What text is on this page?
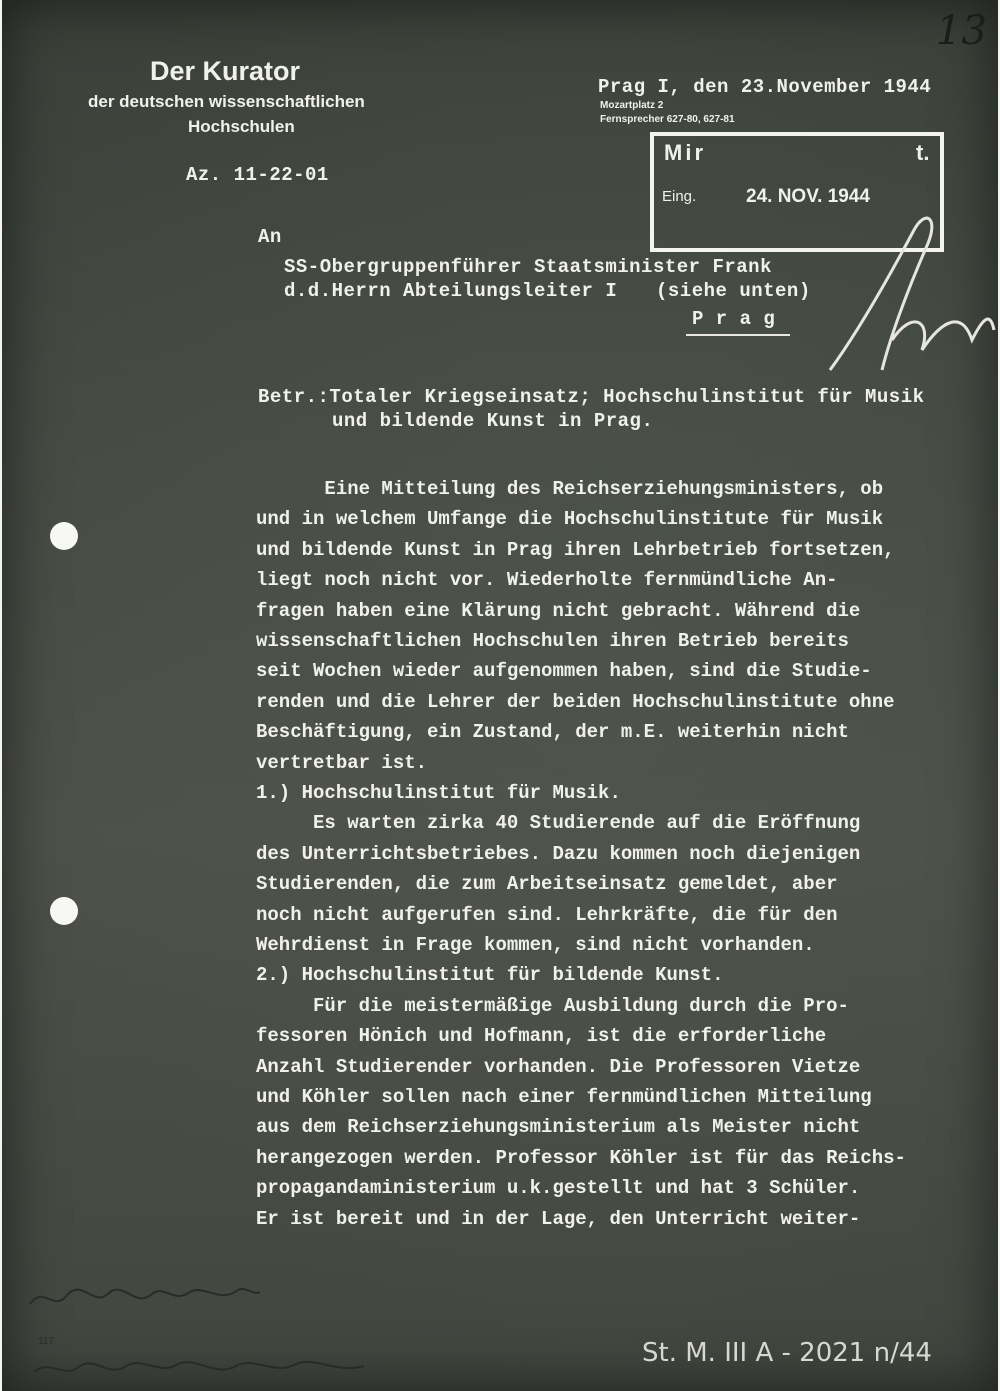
Der Kurator
der deutschen wissenschaftlichen
Hochschulen
Prag I, den 23.November 1944
Mozartplatz 2
Fernsprecher 627-80, 627-81
Az. 11-22-01
Mir	t.
Eing.	24. NOV. 1944
An
SS-Obergruppenführer Staatsminister Frank
d.d.Herrn Abteilungsleiter I (siehe unten)
P r a g
Betr.:Totaler Kriegseinsatz; Hochschulinstitut für Musik
und bildende Kunst in Prag.
Eine Mitteilung des Reichserziehungsministers, ob
und in welchem Umfange die Hochschulinstitute für Musik
und bildende Kunst in Prag ihren Lehrbetrieb fortsetzen,
liegt noch nicht vor. Wiederholte fernmündliche An-
fragen haben eine Klärung nicht gebracht. Während die
wissenschaftlichen Hochschulen ihren Betrieb bereits
seit Wochen wieder aufgenommen haben, sind die Studie-
renden und die Lehrer der beiden Hochschulinstitute ohne
Beschäftigung, ein Zustand, der m.E. weiterhin nicht
vertretbar ist.
1.) Hochschulinstitut für Musik.
Es warten zirka 40 Studierende auf die Eröffnung
des Unterrichtsbetriebes. Dazu kommen noch diejenigen
Studierenden, die zum Arbeitseinsatz gemeldet, aber
noch nicht aufgerufen sind. Lehrkräfte, die für den
Wehrdienst in Frage kommen, sind nicht vorhanden.
2.) Hochschulinstitut für bildende Kunst.
Für die meistermäßige Ausbildung durch die Pro-
fessoren Hönich und Hofmann, ist die erforderliche
Anzahl Studierender vorhanden. Die Professoren Vietze
und Köhler sollen nach einer fernmündlichen Mitteilung
aus dem Reichserziehungsministerium als Meister nicht
herangezogen werden. Professor Köhler ist für das Reichs-
propagandaministerium u.k.gestellt und hat 3 Schüler.
Er ist bereit und in der Lage, den Unterricht weiter-
13
117	St. M. III A - 2021 n/44
